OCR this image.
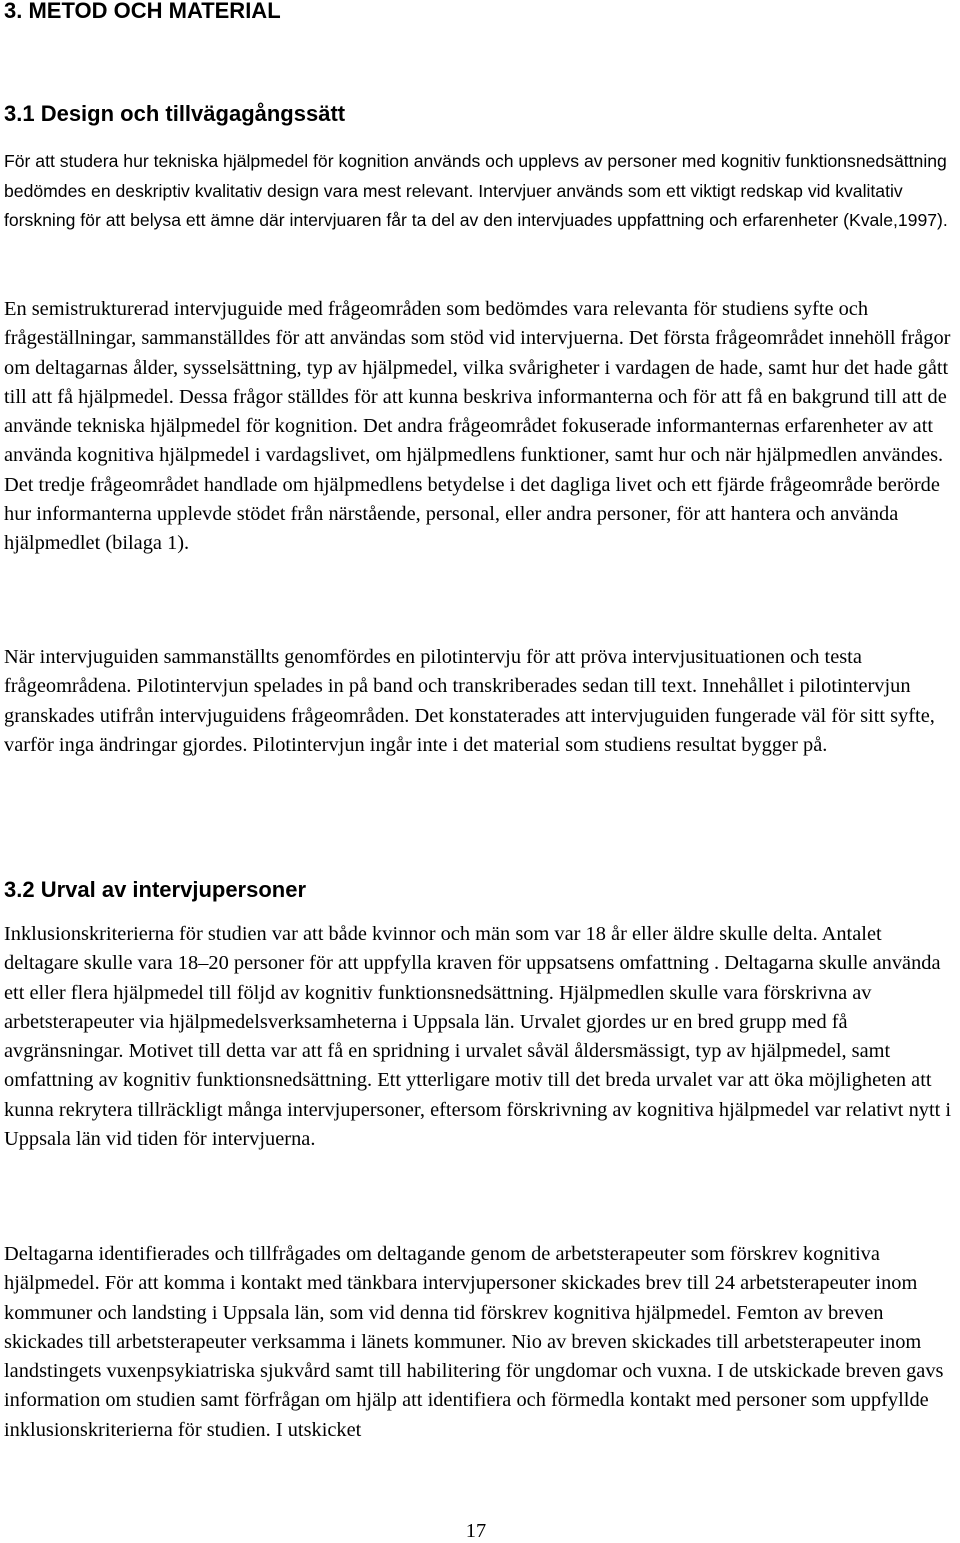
3. METOD OCH MATERIAL
3.1 Design och tillvägagångssätt

För att studera hur tekniska hjälpmedel för kognition används och upplevs av personer med kognitiv funktionsnedsättning bedömdes en deskriptiv kvalitativ design vara mest relevant. Intervjuer används som ett viktigt redskap vid kvalitativ forskning för att belysa ett ämne där intervjuaren får ta del av den intervjuades uppfattning och erfarenheter (Kvale,1997).

En semistrukturerad intervjuguide med frågeområden som bedömdes vara relevanta för studiens syfte och frågeställningar, sammanställdes för att användas som stöd vid intervjuerna. Det första frågeområdet innehöll frågor om deltagarnas ålder, sysselsättning, typ av hjälpmedel, vilka svårigheter i vardagen de hade, samt hur det hade gått till att få hjälpmedel. Dessa frågor ställdes för att kunna beskriva informanterna och för att få en bakgrund till att de använde tekniska hjälpmedel för kognition. Det andra frågeområdet fokuserade informanternas erfarenheter av att använda kognitiva hjälpmedel i vardagslivet, om hjälpmedlens funktioner, samt hur och när hjälpmedlen användes. Det tredje frågeområdet handlade om hjälpmedlens betydelse i det dagliga livet och ett fjärde frågeområde berörde hur informanterna upplevde stödet från närstående, personal, eller andra personer, för att hantera och använda hjälpmedlet (bilaga 1).

När intervjuguiden sammanställts genomfördes en pilotintervju för att pröva intervjusituationen och testa frågeområdena. Pilotintervjun spelades in på band och transkriberades sedan till text. Innehållet i pilotintervjun granskades utifrån intervjuguidens frågeområden. Det konstaterades att intervjuguiden fungerade väl för sitt syfte, varför inga ändringar gjordes. Pilotintervjun ingår inte i det material som studiens resultat bygger på.

3.2 Urval av intervjupersoner

Inklusionskriterierna för studien var att både kvinnor och män som var 18 år eller äldre skulle delta. Antalet deltagare skulle vara 18–20 personer för att uppfylla kraven för uppsatsens omfattning . Deltagarna skulle använda ett eller flera hjälpmedel till följd av kognitiv funktionsnedsättning. Hjälpmedlen skulle vara förskrivna av arbetsterapeuter via hjälpmedelsverksamheterna i Uppsala län. Urvalet gjordes ur en bred grupp med få avgränsningar. Motivet till detta var att få en spridning i urvalet såväl åldersmässigt, typ av hjälpmedel, samt omfattning av kognitiv funktionsnedsättning. Ett ytterligare motiv till det breda urvalet var att öka möjligheten att kunna rekrytera tillräckligt många intervjupersoner, eftersom förskrivning av kognitiva hjälpmedel var relativt nytt i Uppsala län vid tiden för intervjuerna.

Deltagarna identifierades och tillfrågades om deltagande genom de arbetsterapeuter som förskrev kognitiva hjälpmedel. För att komma i kontakt med tänkbara intervjupersoner skickades brev till 24 arbetsterapeuter inom kommuner och landsting i Uppsala län, som vid denna tid förskrev kognitiva hjälpmedel. Femton av breven skickades till arbetsterapeuter verksamma i länets kommuner. Nio av breven skickades till arbetsterapeuter inom landstingets vuxenpsykiatriska sjukvård samt till habilitering för ungdomar och vuxna. I de utskickade breven gavs information om studien samt förfrågan om hjälp att identifiera och förmedla kontakt med personer som uppfyllde inklusionskriterierna för studien. I utskicket

17
